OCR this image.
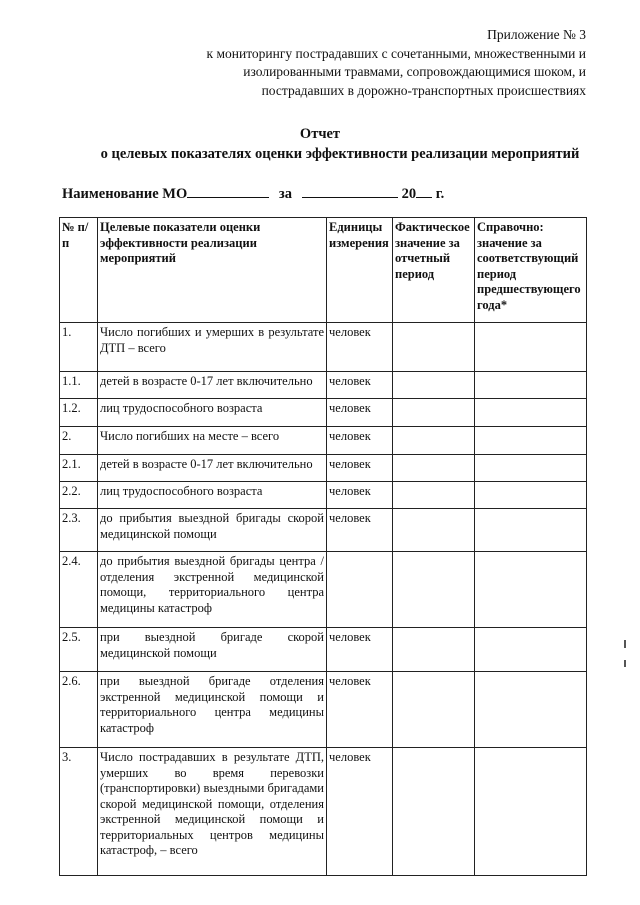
Приложение № 3
к мониторингу пострадавших с сочетанными, множественными и
изолированными травмами, сопровождающимися шоком, и
пострадавших в дорожно-транспортных происшествиях
Отчет
о целевых показателях оценки эффективности реализации мероприятий
Наименование МО	за	20 г.
№ п/п	Целевые показатели оценки эффективности реализации мероприятий	Единицы измерения	Фактическое значение за отчетный период	Справочно: значение за соответствующий период предшествующего года*
1.	Число погибших и умерших в результате ДТП – всего	человек		
1.1.	детей в возрасте 0-17 лет включительно	человек		
1.2.	лиц трудоспособного возраста	человек		
2.	Число погибших на месте – всего	человек		
2.1.	детей в возрасте 0-17 лет включительно	человек		
2.2.	лиц трудоспособного возраста	человек		
2.3.	до прибытия выездной бригады скорой медицинской помощи	человек		
2.4.	до прибытия выездной бригады центра / отделения экстренной медицинской помощи, территориального центра медицины катастроф			
2.5.	при выездной бригаде скорой медицинской помощи	человек		
2.6.	при выездной бригаде отделения экстренной медицинской помощи и территориального центра медицины катастроф	человек		
3.	Число пострадавших в результате ДТП, умерших во время перевозки (транспортировки) выездными бригадами скорой медицинской помощи, отделения экстренной медицинской помощи и территориальных центров медицины катастроф, – всего	человек		
